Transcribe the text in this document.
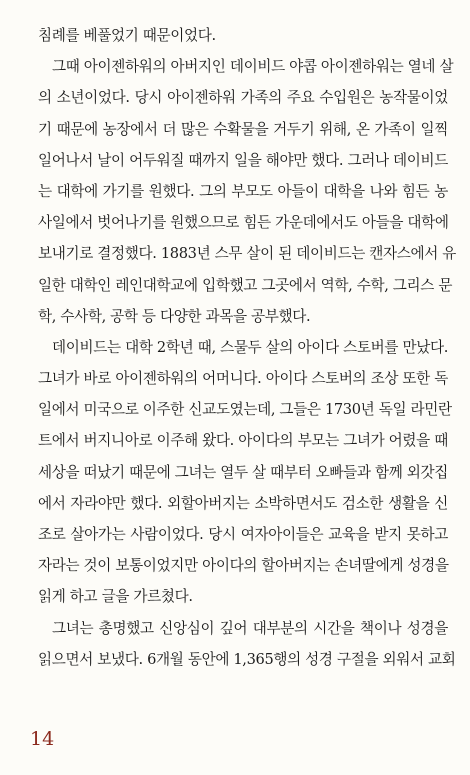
침례를 베풀었기 때문이었다.
그때 아이젠하워의 아버지인 데이비드 야콥 아이젠하워는 열네 살
의 소년이었다. 당시 아이젠하워 가족의 주요 수입원은 농작물이었
기 때문에 농장에서 더 많은 수확물을 거두기 위해, 온 가족이 일찍
일어나서 날이 어두워질 때까지 일을 해야만 했다. 그러나 데이비드
는 대학에 가기를 원했다. 그의 부모도 아들이 대학을 나와 힘든 농
사일에서 벗어나기를 원했으므로 힘든 가운데에서도 아들을 대학에
보내기로 결정했다. 1883년 스무 살이 된 데이비드는 캔자스에서 유
일한 대학인 레인대학교에 입학했고 그곳에서 역학, 수학, 그리스 문
학, 수사학, 공학 등 다양한 과목을 공부했다.
데이비드는 대학 2학년 때, 스물두 살의 아이다 스토버를 만났다.
그녀가 바로 아이젠하워의 어머니다. 아이다 스토버의 조상 또한 독
일에서 미국으로 이주한 신교도였는데, 그들은 1730년 독일 라민란
트에서 버지니아로 이주해 왔다. 아이다의 부모는 그녀가 어렸을 때
세상을 떠났기 때문에 그녀는 열두 살 때부터 오빠들과 함께 외갓집
에서 자라야만 했다. 외할아버지는 소박하면서도 검소한 생활을 신
조로 살아가는 사람이었다. 당시 여자아이들은 교육을 받지 못하고
자라는 것이 보통이었지만 아이다의 할아버지는 손녀딸에게 성경을
읽게 하고 글을 가르쳤다.
그녀는 총명했고 신앙심이 깊어 대부분의 시간을 책이나 성경을
읽으면서 보냈다. 6개월 동안에 1,365행의 성경 구절을 외워서 교회
14
